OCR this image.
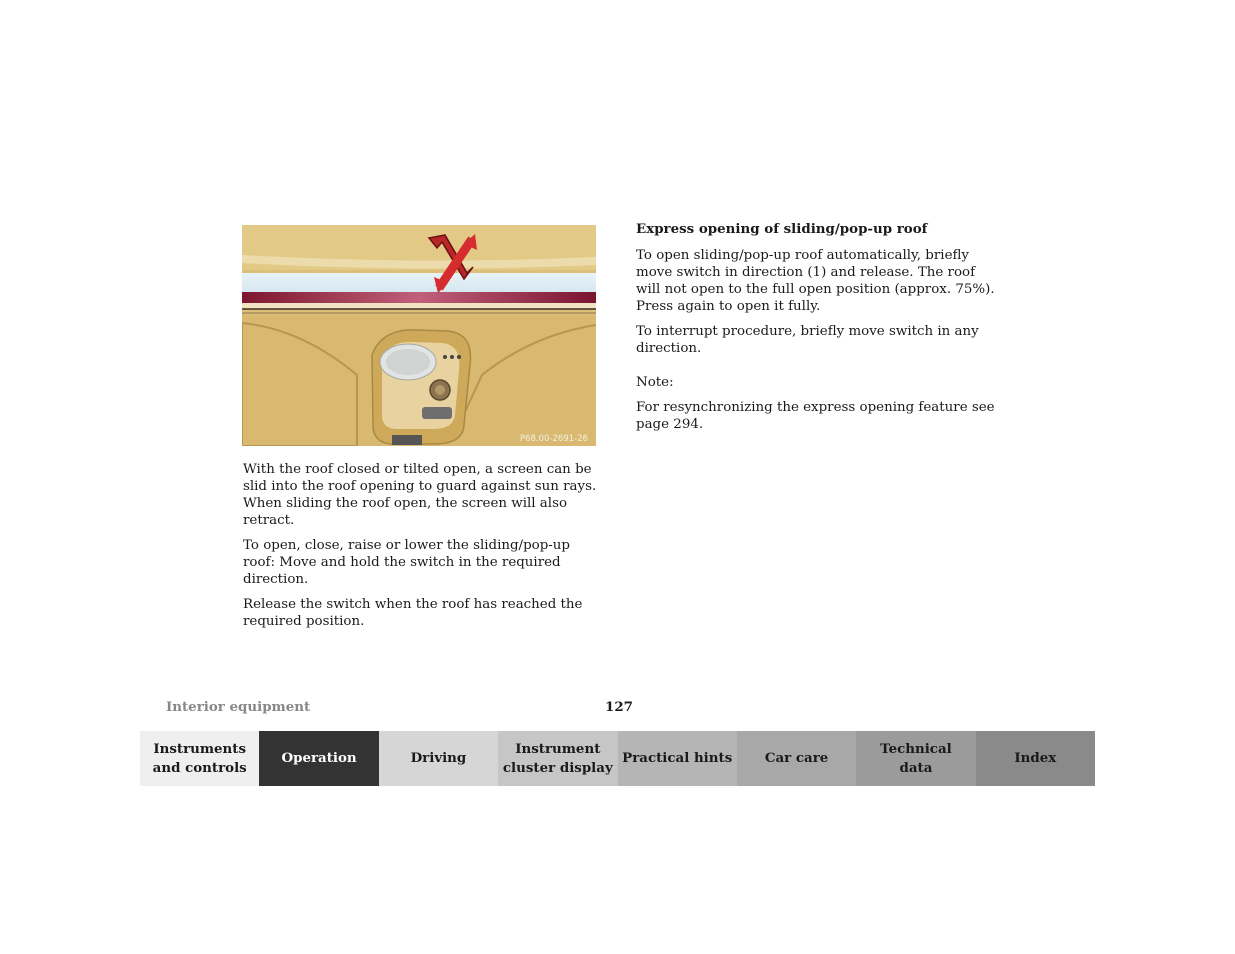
P68.00-2691-26

With the roof closed or tilted open, a screen can be slid into the roof opening to guard against sun rays. When sliding the roof open, the screen will also retract.

To open, close, raise or lower the sliding/pop-up roof: Move and hold the switch in the required direction.

Release the switch when the roof has reached the required position.

Express opening of sliding/pop-up roof

To open sliding/pop-up roof automatically, briefly move switch in direction (1) and release. The roof will not open to the full open position (approx. 75%). Press again to open it fully.

To interrupt procedure, briefly move switch in any direction.

Note:

For resynchronizing the express opening feature see page 294.

Interior equipment	127
Instruments
and controls
Operation	Driving
Instrument
cluster display
Practical hints Car care
Technical
data
Index
